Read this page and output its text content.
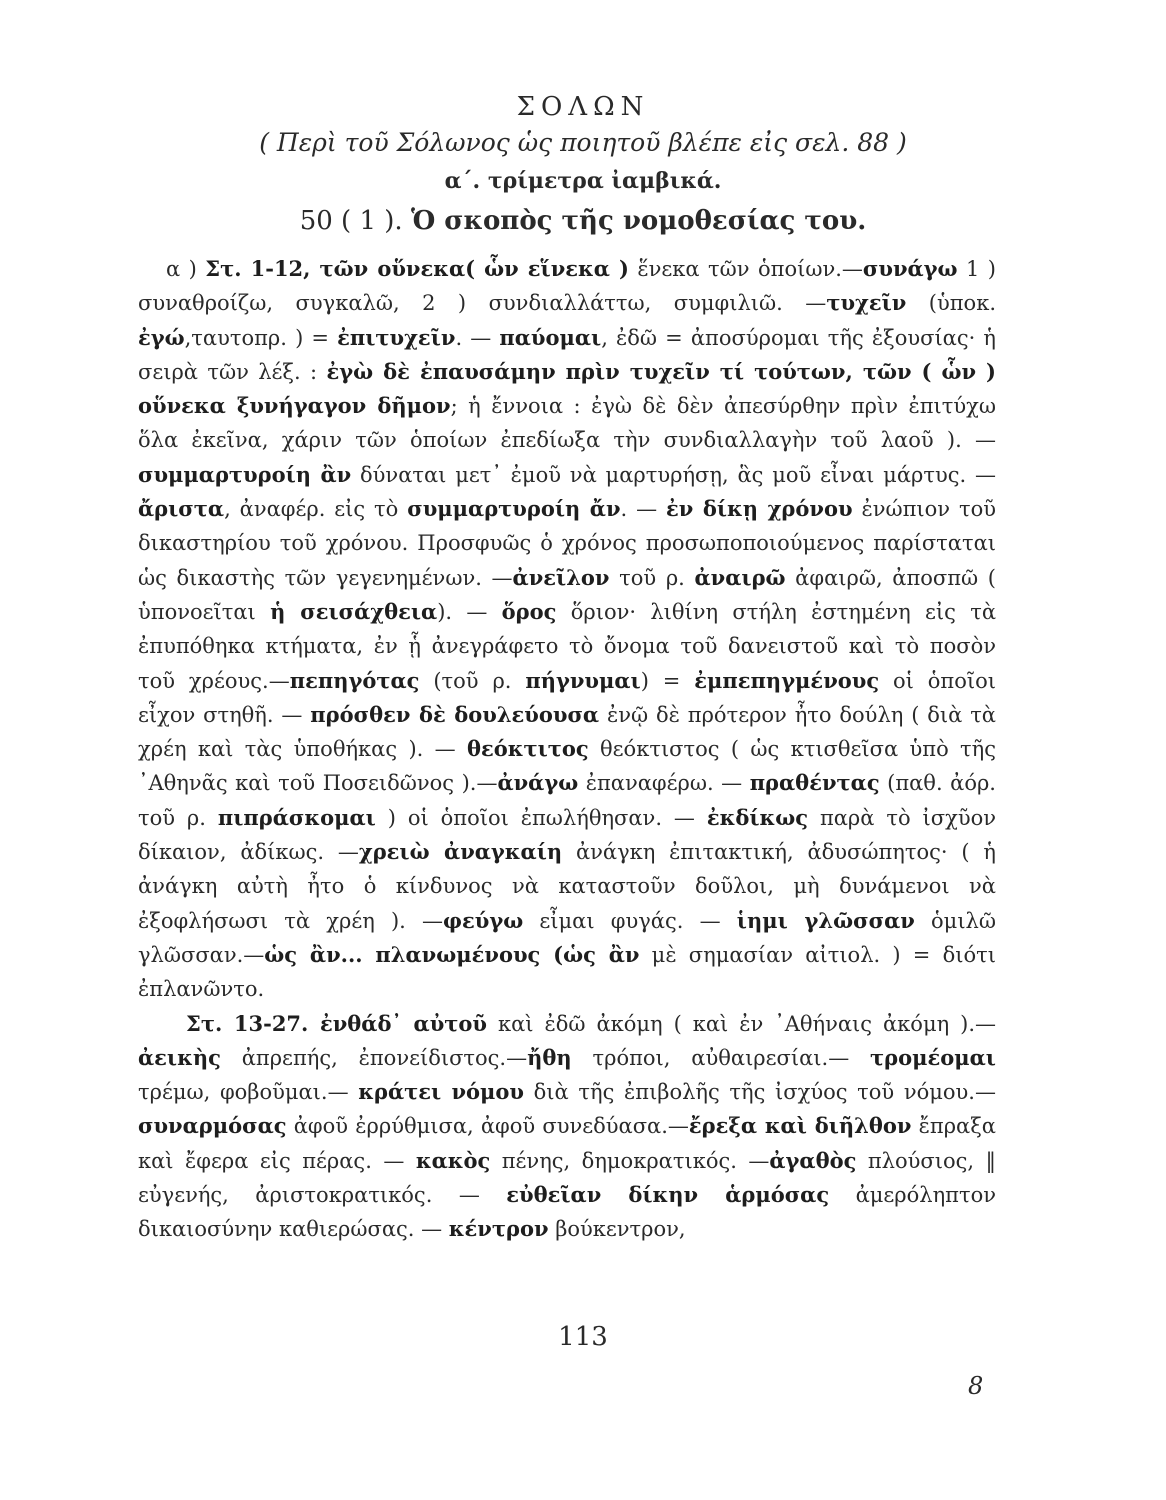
ΣΟΛΩΝ
( Περὶ τοῦ Σόλωνος ὡς ποιητοῦ βλέπε εἰς σελ. 88 )
α΄. τρίμετρα ἰαμβικά.
50 ( 1 ). Ὁ σκοπὸς τῆς νομοθεσίας του.

α ) Στ. 1-12, τῶν οὕνεκα( ὧν εἵνεκα ) ἕνεκα τῶν ὁποίων.—συνάγω 1 ) συναθροίζω, συγκαλῶ, 2 ) συνδιαλλάττω, συμφιλιῶ. —τυχεῖν (ὑποκ. ἐγώ,ταυτοπρ. ) = ἐπιτυχεῖν. — παύομαι, ἐδῶ = ἀποσύρομαι τῆς ἐξουσίας· ἡ σειρὰ τῶν λέξ. : ἐγὼ δὲ ἐπαυσάμην πρὶν τυχεῖν τί τούτων, τῶν ( ὧν ) οὕνεκα ξυνήγαγον δῆμον; ἡ ἔννοια : ἐγὼ δὲ δὲν ἀπεσύρθην πρὶν ἐπιτύχω ὅλα ἐκεῖνα, χάριν τῶν ὁποίων ἐπεδίωξα τὴν συνδιαλλαγὴν τοῦ λαοῦ ). — συμμαρτυροίη ἂν δύναται μετ᾿ ἐμοῦ νὰ μαρτυρήσῃ, ἃς μοῦ εἶναι μάρτυς. — ἄριστα, ἀναφέρ. εἰς τὸ συμμαρτυροίη ἄν. — ἐν δίκῃ χρόνου ἐνώπιον τοῦ δικαστηρίου τοῦ χρόνου. Προσφυῶς ὁ χρόνος προσωποποιούμενος παρίσταται ὡς δικαστὴς τῶν γεγενημένων. —ἀνεῖλον τοῦ ρ. ἀναιρῶ ἀφαιρῶ, ἀποσπῶ ( ὑπονοεῖται ἡ σεισάχθεια). — ὅρος ὅριον· λιθίνη στήλη ἐστημένη εἰς τὰ ἐπυπόθηκα κτήματα, ἐν ᾗ ἀνεγράφετο τὸ ὄνομα τοῦ δανειστοῦ καὶ τὸ ποσὸν τοῦ χρέους.—πεπηγότας (τοῦ ρ. πήγνυμαι) = ἐμπεπηγμένους οἱ ὁποῖοι εἶχον στηθῆ. — πρόσθεν δὲ δουλεύουσα ἐνῷ δὲ πρότερον ἦτο δούλη ( διὰ τὰ χρέη καὶ τὰς ὑποθήκας ). — θεόκτιτος θεόκτιστος ( ὡς κτισθεῖσα ὑπὸ τῆς ᾿Αθηνᾶς καὶ τοῦ Ποσειδῶνος ).—ἀνάγω ἐπαναφέρω. — πραθέντας (παθ. ἀόρ. τοῦ ρ. πιπράσκομαι ) οἱ ὁποῖοι ἐπωλήθησαν. — ἐκδίκως παρὰ τὸ ἰσχῦον δίκαιον, ἀδίκως. —χρειὼ ἀναγκαίη ἀνάγκη ἐπιτακτική, ἀδυσώπητος· ( ἡ ἀνάγκη αὐτὴ ἦτο ὁ κίνδυνος νὰ καταστοῦν δοῦλοι, μὴ δυνάμενοι νὰ ἐξοφλήσωσι τὰ χρέη ). —φεύγω εἶμαι φυγάς. — ἱημι γλῶσσαν ὁμιλῶ γλῶσσαν.—ὡς ἂν... πλανωμένους (ὡς ἂν μὲ σημασίαν αἰτιολ. ) = διότι ἐπλανῶντο.

Στ. 13-27. ἐνθάδ᾿ αὐτοῦ καὶ ἐδῶ ἀκόμη ( καὶ ἐν ᾿Αθήναις ἀκόμη ).— ἀεικὴς ἀπρεπής, ἐπονείδιστος.—ἤθη τρόποι, αὐθαιρεσίαι.— τρομέομαι τρέμω, φοβοῦμαι.— κράτει νόμου διὰ τῆς ἐπιβολῆς τῆς ἰσχύος τοῦ νόμου.— συναρμόσας ἀφοῦ ἐρρύθμισα, ἀφοῦ συνεδύασα.—ἔρεξα καὶ διῆλθον ἔπραξα καὶ ἔφερα εἰς πέρας. — κακὸς πένης, δημοκρατικός. —ἀγαθὸς πλούσιος, ‖ εὐγενής, ἀριστοκρατικός. — εὐθεῖαν δίκην ἁρμόσας ἀμερόληπτον δικαιοσύνην καθιερώσας. — κέντρον βούκεντρον,

113
8
